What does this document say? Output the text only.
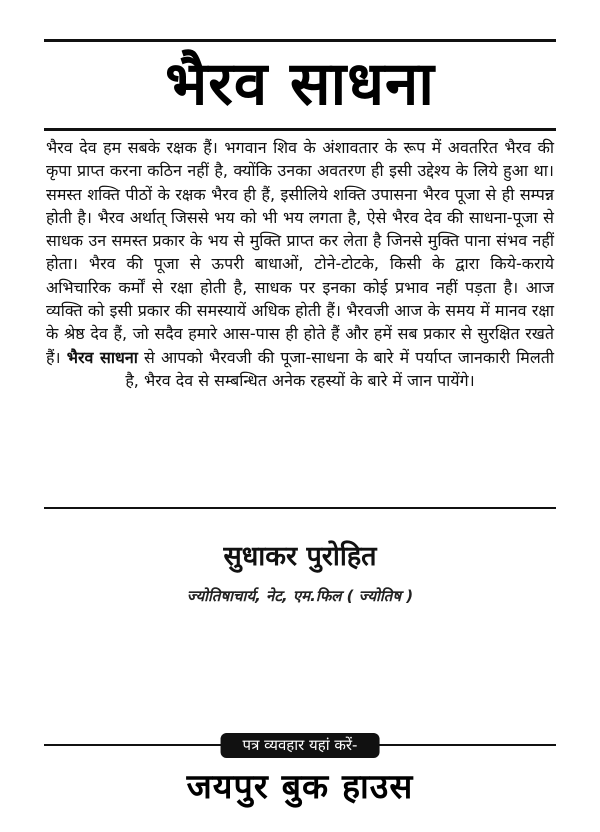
भैरव साधना
भैरव देव हम सबके रक्षक हैं। भगवान शिव के अंशावतार के रूप में अवतरित भैरव की कृपा प्राप्त करना कठिन नहीं है, क्योंकि उनका अवतरण ही इसी उद्देश्य के लिये हुआ था। समस्त शक्ति पीठों के रक्षक भैरव ही हैं, इसीलिये शक्ति उपासना भैरव पूजा से ही सम्पन्न होती है। भैरव अर्थात् जिससे भय को भी भय लगता है, ऐसे भैरव देव की साधना-पूजा से साधक उन समस्त प्रकार के भय से मुक्ति प्राप्त कर लेता है जिनसे मुक्ति पाना संभव नहीं होता। भैरव की पूजा से ऊपरी बाधाओं, टोने-टोटके, किसी के द्वारा किये-कराये अभिचारिक कर्मों से रक्षा होती है, साधक पर इनका कोई प्रभाव नहीं पड़ता है। आज व्यक्ति को इसी प्रकार की समस्यायें अधिक होती हैं। भैरवजी आज के समय में मानव रक्षा के श्रेष्ठ देव हैं, जो सदैव हमारे आस-पास ही होते हैं और हमें सब प्रकार से सुरक्षित रखते हैं। भैरव साधना से आपको भैरवजी की पूजा-साधना के बारे में पर्याप्त जानकारी मिलती है, भैरव देव से सम्बन्धित अनेक रहस्यों के बारे में जान पायेंगे।
सुधाकर पुरोहित
ज्योतिषाचार्य, नेट, एम.फिल ( ज्योतिष )
पत्र व्यवहार यहां करें-
जयपुर बुक हाउस
